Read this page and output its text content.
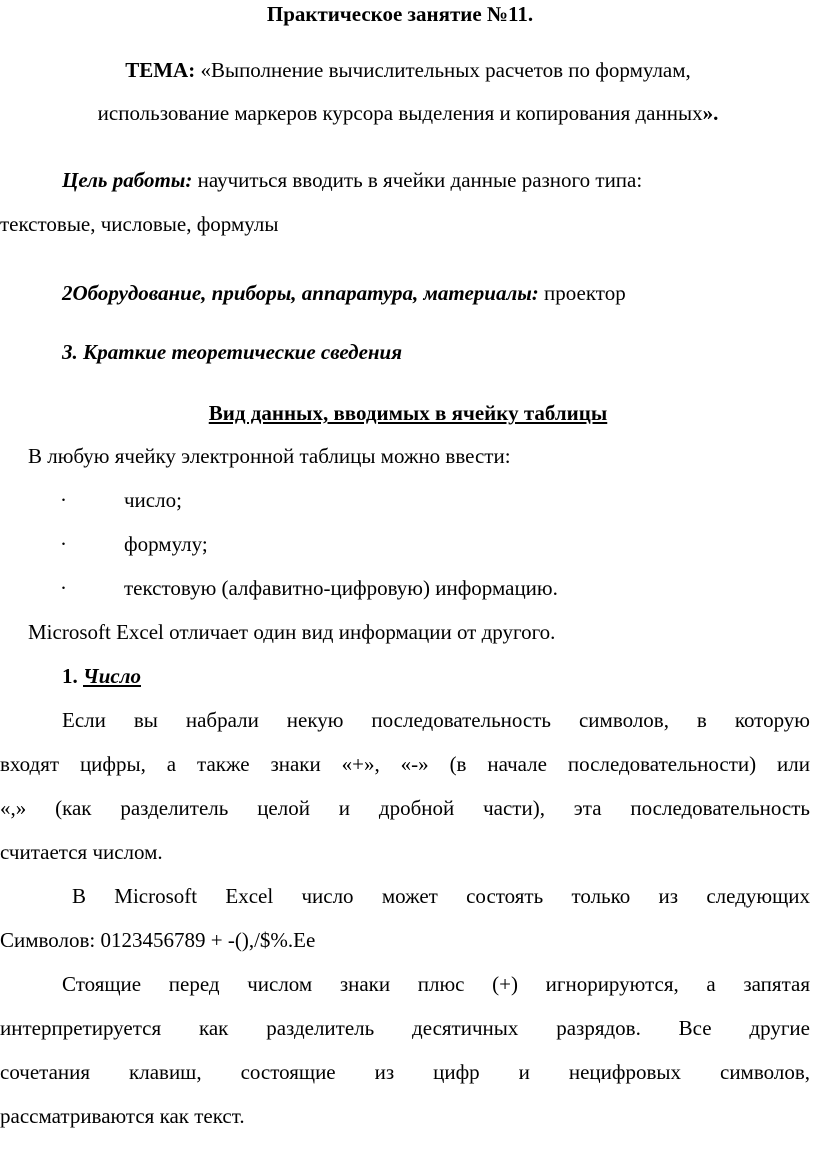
Практическое занятие №11.
ТЕМА: «Выполнение вычислительных расчетов по формулам,
использование маркеров курсора выделения и копирования данных».
Цель работы: научиться вводить в ячейки данные разного типа:
текстовые, числовые, формулы
2Оборудование, приборы, аппаратура, материалы: проектор
3. Краткие теоретические сведения
Вид данных, вводимых в ячейку таблицы
В любую ячейку электронной таблицы можно ввести:
·	число;
·	формулу;
·	текстовую (алфавитно-цифровую) информацию.
Microsoft Excel отличает один вид информации от другого.
1. Число
Если вы набрали некую последовательность символов, в которую
входят цифры, а также знаки «+», «-» (в начале последовательности) или
«,» (как разделитель целой и дробной части), эта последовательность
считается числом.
В Microsoft Excel число может состоять только из следующих
Символов: 0123456789 + -(),/$%.Ee
Стоящие перед числом знаки плюс (+) игнорируются, а запятая
интерпретируется как разделитель десятичных разрядов. Все другие
сочетания клавиш, состоящие из цифр и нецифровых символов,
рассматриваются как текст.
